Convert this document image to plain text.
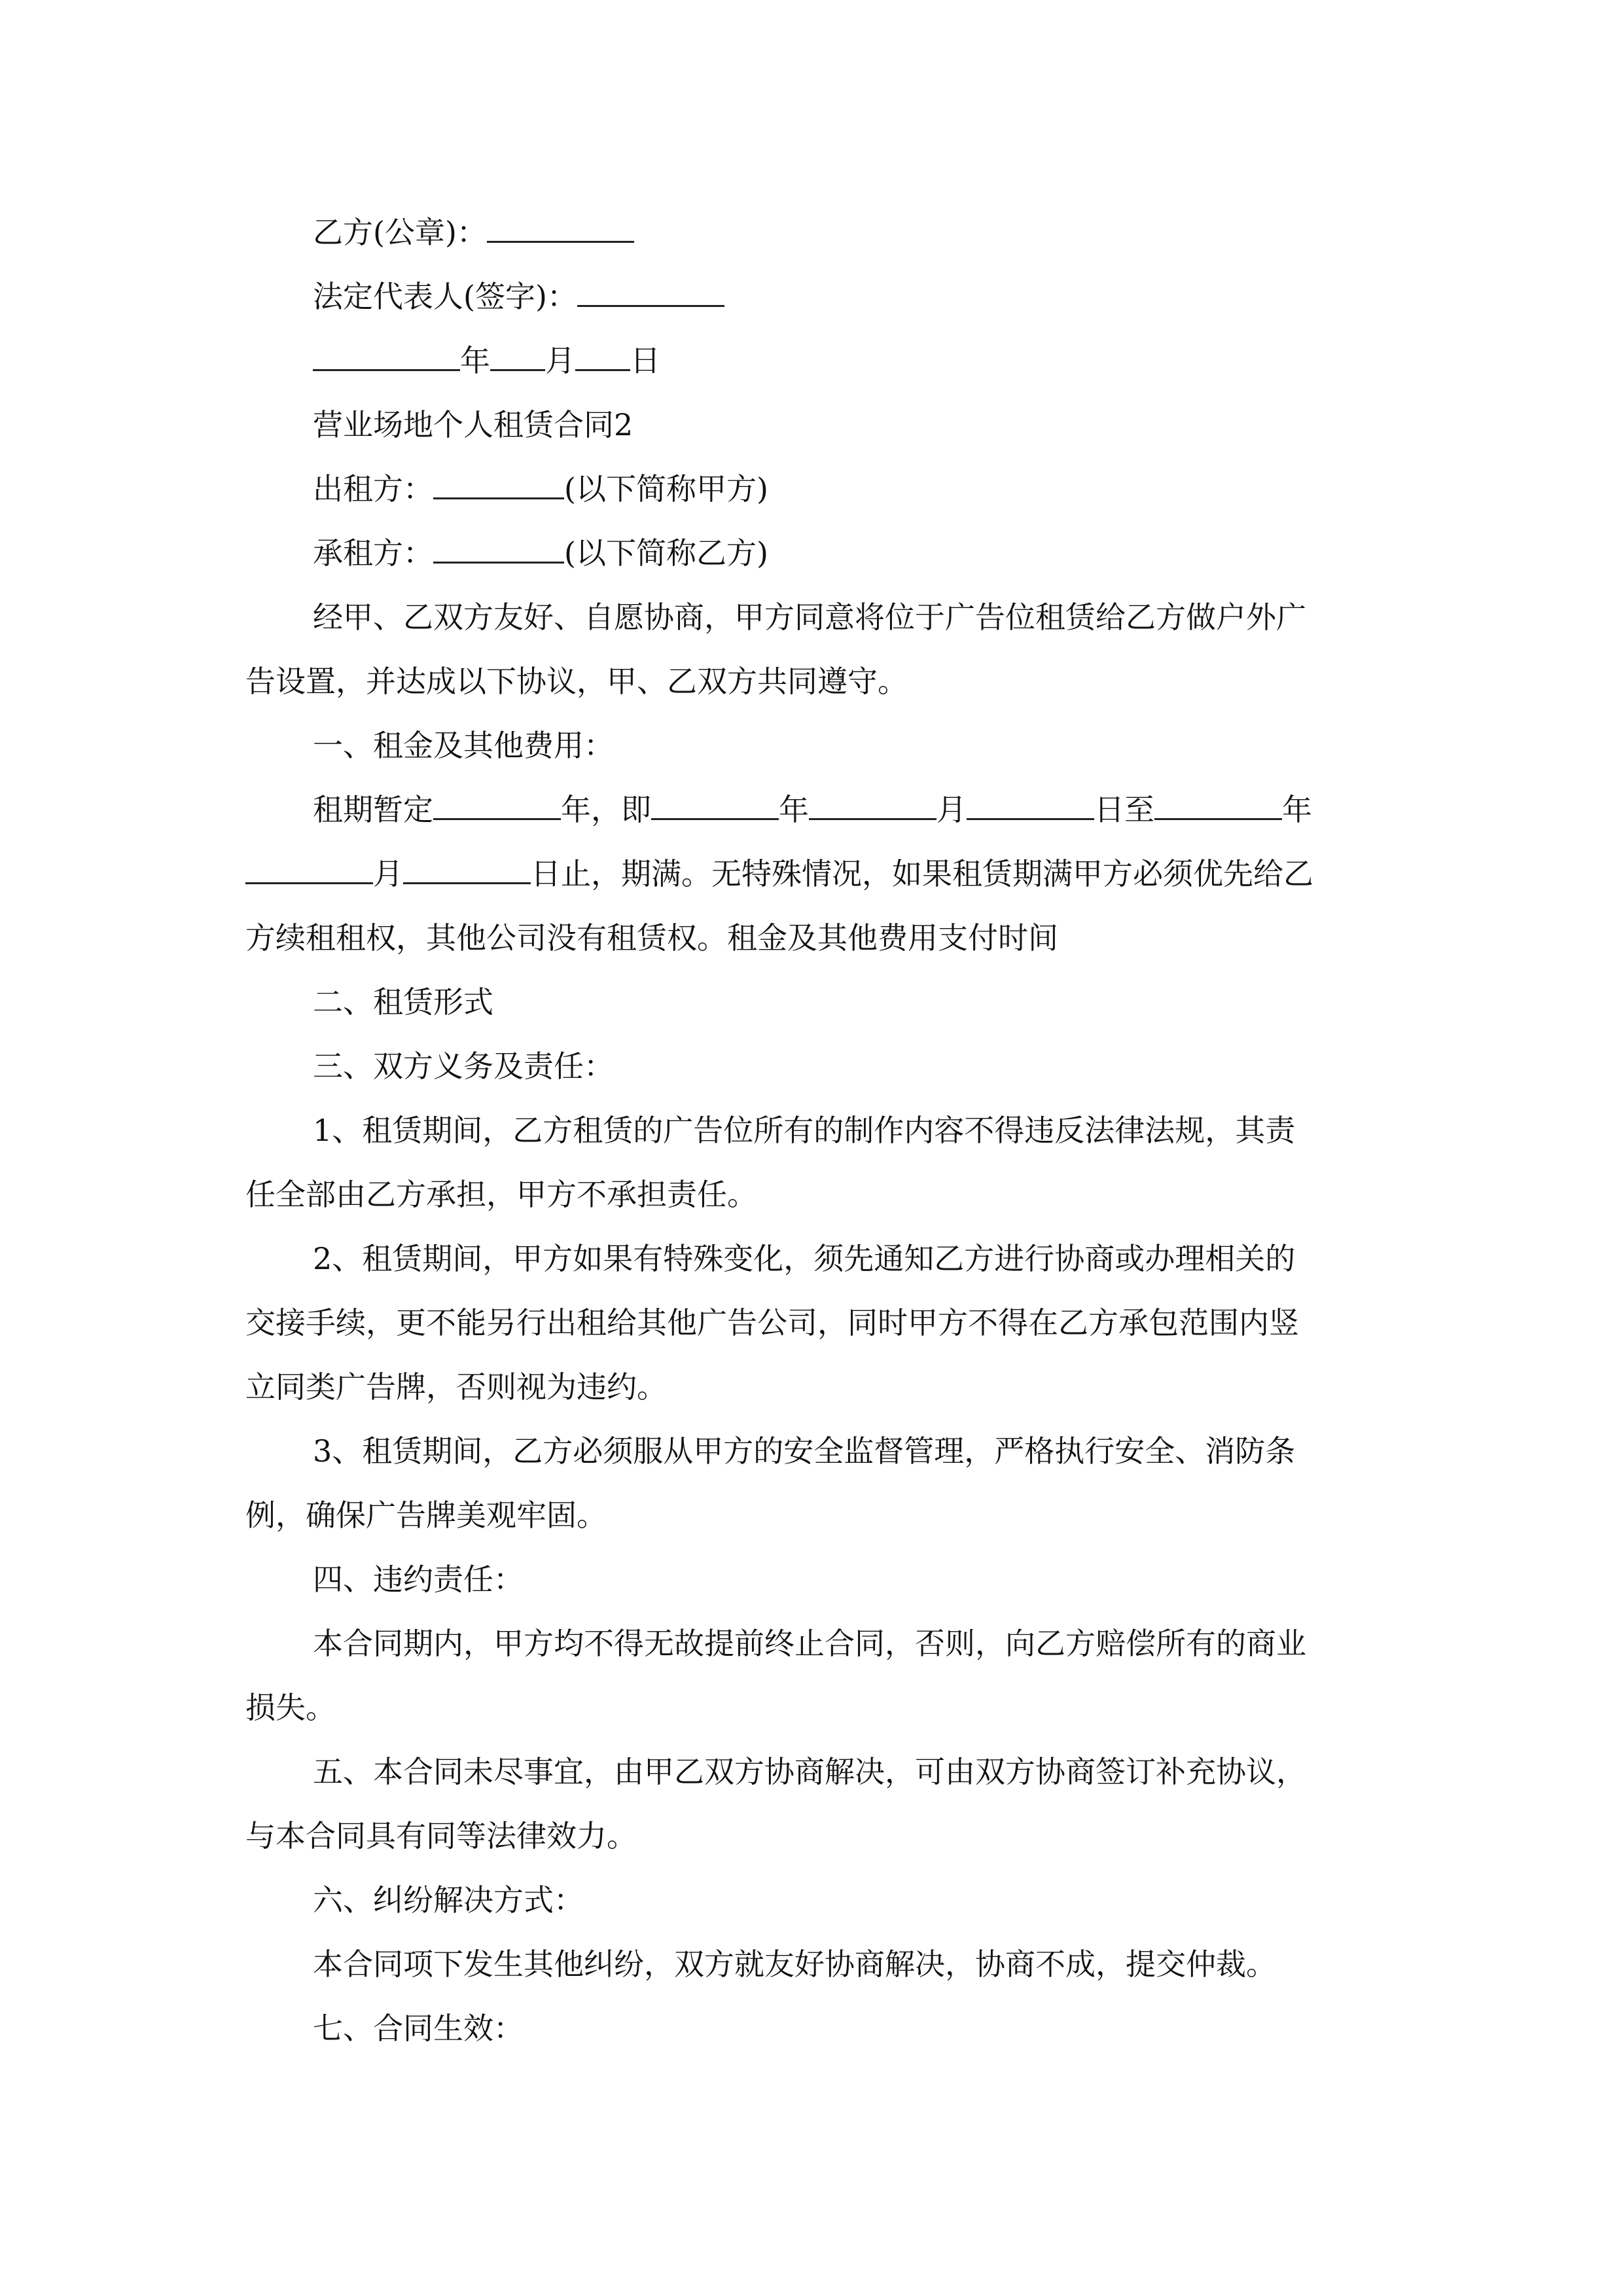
乙方(公章)：

法定代表人(签字)：

年 月 日

营业场地个人租赁合同2

出租方：	(以下简称甲方)

承租方：	(以下简称乙方)

经甲、乙双方友好、自愿协商，甲方同意将位于广告位租赁给乙方做户外广

告设置，并达成以下协议，甲、乙双方共同遵守。

一、租金及其他费用：

租期暂定	年，即	年	月	日至	年

月	日止，期满。无特殊情况，如果租赁期满甲方必须优先给乙

方续租租权，其他公司没有租赁权。租金及其他费用支付时间

二、租赁形式

三、双方义务及责任：

1、租赁期间，乙方租赁的广告位所有的制作内容不得违反法律法规，其责

任全部由乙方承担，甲方不承担责任。

2、租赁期间，甲方如果有特殊变化，须先通知乙方进行协商或办理相关的

交接手续，更不能另行出租给其他广告公司，同时甲方不得在乙方承包范围内竖

立同类广告牌，否则视为违约。

3、租赁期间，乙方必须服从甲方的安全监督管理，严格执行安全、消防条

例，确保广告牌美观牢固。

四、违约责任：

本合同期内，甲方均不得无故提前终止合同，否则，向乙方赔偿所有的商业

损失。

五、本合同未尽事宜，由甲乙双方协商解决，可由双方协商签订补充协议，

与本合同具有同等法律效力。

六、纠纷解决方式：

本合同项下发生其他纠纷，双方就友好协商解决，协商不成，提交仲裁。

七、合同生效：
